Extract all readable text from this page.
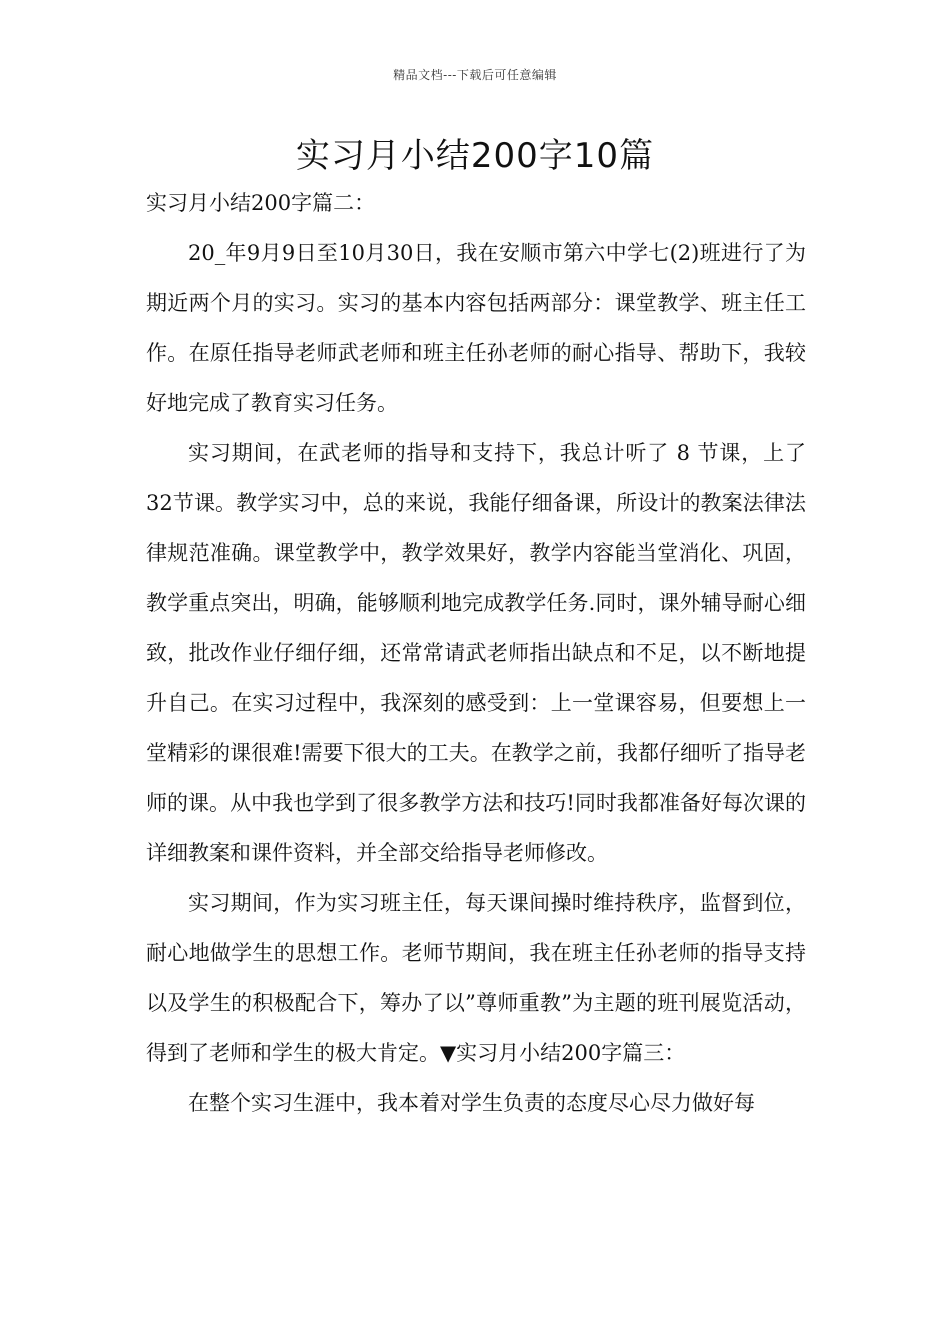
精品文档---下载后可任意编辑
实习月小结200字10篇

实习月小结200字篇二：

20_年9月9日至10月30日，我在安顺市第六中学七(2)班进行了为期近两个月的实习。实习的基本内容包括两部分：课堂教学、班主任工作。在原任指导老师武老师和班主任孙老师的耐心指导、帮助下，我较好地完成了教育实习任务。

实习期间，在武老师的指导和支持下，我总计听了 8 节课，上了32节课。教学实习中，总的来说，我能仔细备课，所设计的教案法律法律规范准确。课堂教学中，教学效果好，教学内容能当堂消化、巩固，教学重点突出，明确，能够顺利地完成教学任务.同时，课外辅导耐心细致，批改作业仔细仔细，还常常请武老师指出缺点和不足，以不断地提升自己。在实习过程中，我深刻的感受到：上一堂课容易，但要想上一堂精彩的课很难!需要下很大的工夫。在教学之前，我都仔细听了指导老师的课。从中我也学到了很多教学方法和技巧!同时我都准备好每次课的详细教案和课件资料，并全部交给指导老师修改。

实习期间，作为实习班主任，每天课间操时维持秩序，监督到位，耐心地做学生的思想工作。老师节期间，我在班主任孙老师的指导支持以及学生的积极配合下，筹办了以”尊师重教”为主题的班刊展览活动，得到了老师和学生的极大肯定。▼实习月小结200字篇三：

在整个实习生涯中，我本着对学生负责的态度尽心尽力做好每
